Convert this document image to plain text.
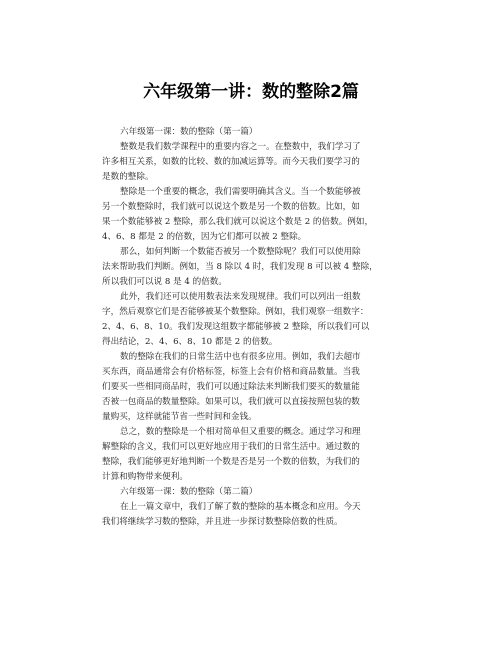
六年级第一讲：数的整除2篇
六年级第一课：数的整除（第一篇）
整数是我们数学课程中的重要内容之一。在整数中，我们学习了
许多相互关系，如数的比较、数的加减运算等。而今天我们要学习的
是数的整除。
整除是一个重要的概念，我们需要明确其含义。当一个数能够被
另一个数整除时，我们就可以说这个数是另一个数的倍数。比如，如
果一个数能够被 2 整除，那么我们就可以说这个数是 2 的倍数。例如，
4、6、8 都是 2 的倍数，因为它们都可以被 2 整除。
那么，如何判断一个数能否被另一个数整除呢？我们可以使用除
法来帮助我们判断。例如，当 8 除以 4 时，我们发现 8 可以被 4 整除，
所以我们可以说 8 是 4 的倍数。
此外，我们还可以使用数表法来发现规律。我们可以列出一组数
字，然后观察它们是否能够被某个数整除。例如，我们观察一组数字：
2、4、6、8、10。我们发现这组数字都能够被 2 整除，所以我们可以
得出结论，2、4、6、8、10 都是 2 的倍数。
数的整除在我们的日常生活中也有很多应用。例如，我们去超市
买东西，商品通常会有价格标签，标签上会有价格和商品数量。当我
们要买一些相同商品时，我们可以通过除法来判断我们要买的数量能
否被一包商品的数量整除。如果可以，我们就可以直接按照包装的数
量购买，这样就能节省一些时间和金钱。
总之，数的整除是一个相对简单但又重要的概念。通过学习和理
解整除的含义，我们可以更好地应用于我们的日常生活中。通过数的
整除，我们能够更好地判断一个数是否是另一个数的倍数，为我们的
计算和购物带来便利。
六年级第一课：数的整除（第二篇）
在上一篇文章中，我们了解了数的整除的基本概念和应用。今天
我们将继续学习数的整除，并且进一步探讨数整除倍数的性质。
